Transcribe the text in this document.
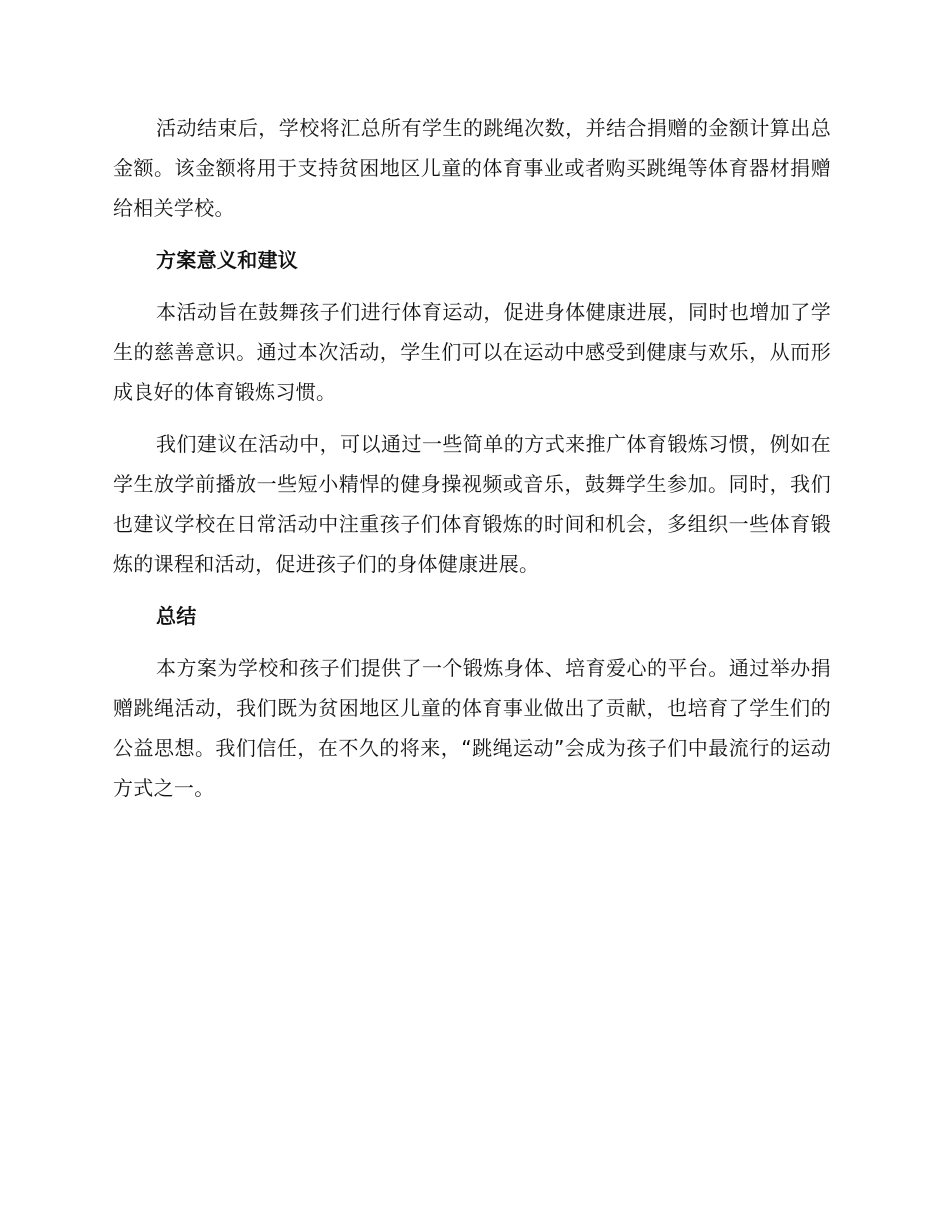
活动结束后，学校将汇总所有学生的跳绳次数，并结合捐赠的金额计算出总金额。该金额将用于支持贫困地区儿童的体育事业或者购买跳绳等体育器材捐赠给相关学校。

方案意义和建议

本活动旨在鼓舞孩子们进行体育运动，促进身体健康进展，同时也增加了学生的慈善意识。通过本次活动，学生们可以在运动中感受到健康与欢乐，从而形成良好的体育锻炼习惯。

我们建议在活动中，可以通过一些简单的方式来推广体育锻炼习惯，例如在学生放学前播放一些短小精悍的健身操视频或音乐，鼓舞学生参加。同时，我们也建议学校在日常活动中注重孩子们体育锻炼的时间和机会，多组织一些体育锻炼的课程和活动，促进孩子们的身体健康进展。

总结

本方案为学校和孩子们提供了一个锻炼身体、培育爱心的平台。通过举办捐赠跳绳活动，我们既为贫困地区儿童的体育事业做出了贡献，也培育了学生们的公益思想。我们信任，在不久的将来，“跳绳运动”会成为孩子们中最流行的运动方式之一。
